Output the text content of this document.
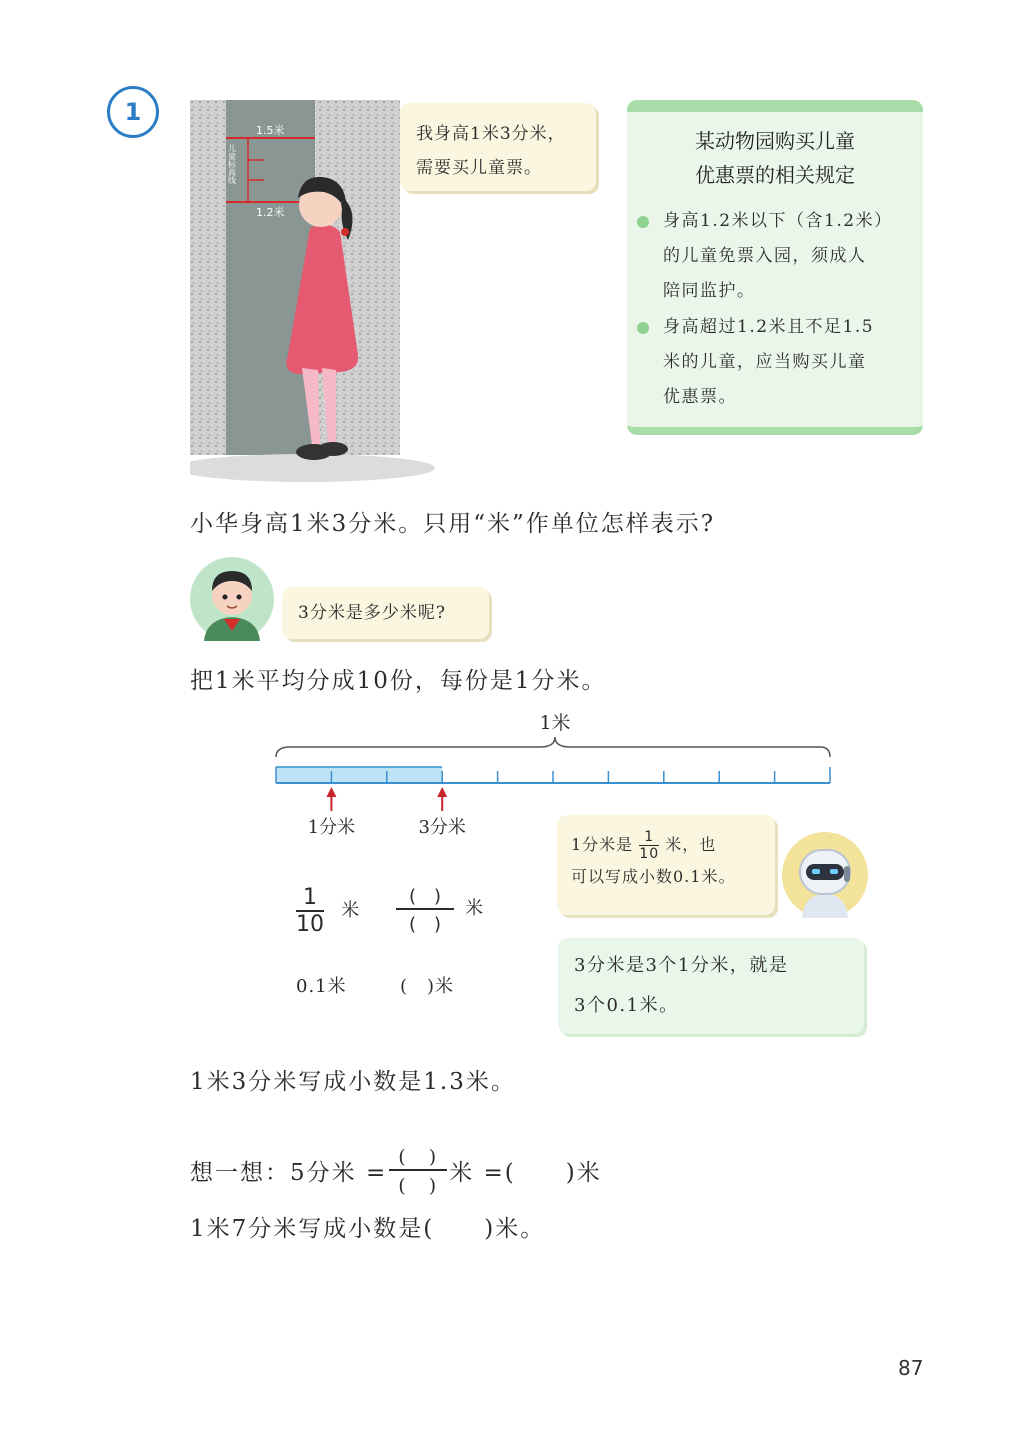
1
1.5米
1.2米
儿童标高线
我身高1米3分米，
需要买儿童票。
某动物园购买儿童
优惠票的相关规定
身高1.2米以下（含1.2米）
的儿童免票入园，须成人
陪同监护。
身高超过1.2米且不足1.5
米的儿童，应当购买儿童
优惠票。
小华身高1米3分米。只用“米”作单位怎样表示?
3分米是多少米呢?
把1米平均分成10份，每份是1分米。
1米
1分米	3分米
$\frac{1}{10}$ 米 $\frac{( )}{( )}$ 米
0.1米	(　)米
1分米是 $\frac{1}{10}$ 米，也
可以写成小数0.1米。
3分米是3个1分米，就是
3个0.1米。
1米3分米写成小数是1.3米。
想一想：5分米 = $\frac{( )}{( )}$ 米 =(　　)米
1米7分米写成小数是(　　)米。
87
